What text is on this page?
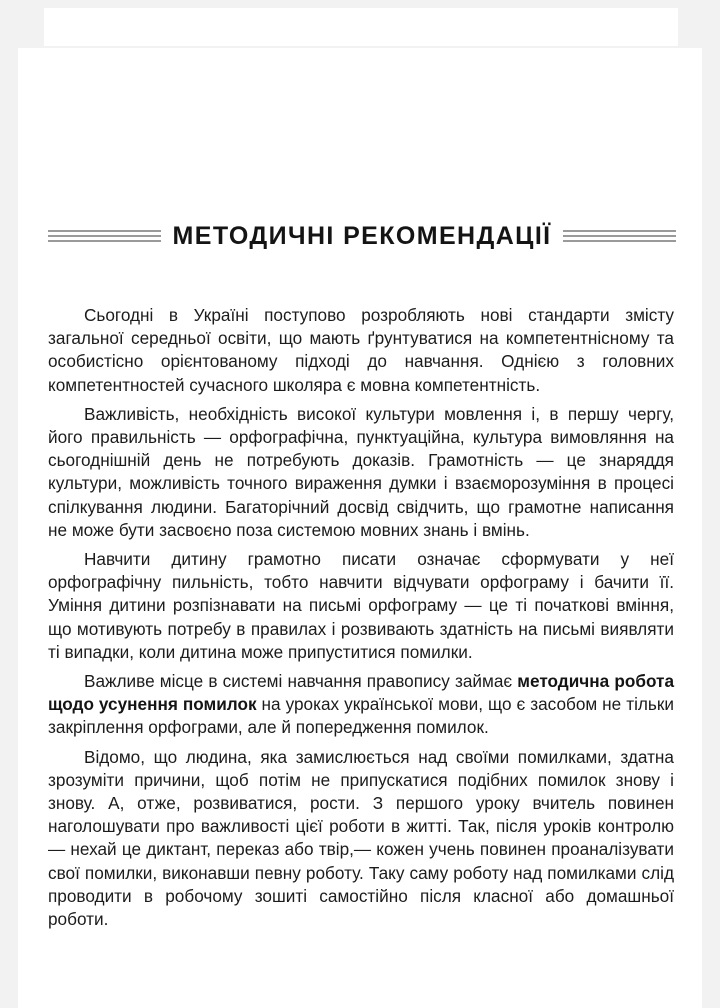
МЕТОДИЧНІ РЕКОМЕНДАЦІЇ

Сьогодні в Україні поступово розробляють нові стандарти змісту загальної середньої освіти, що мають ґрунтуватися на компетентнісному та особистісно орієнтованому підході до навчання. Однією з головних компетентностей сучасного школяра є мовна компетентність.

Важливість, необхідність високої культури мовлення і, в першу чергу, його правильність — орфографічна, пунктуаційна, культура вимовляння на сьогоднішній день не потребують доказів. Грамотність — це знаряддя культури, можливість точного вираження думки і взаєморозуміння в процесі спілкування людини. Багаторічний досвід свідчить, що грамотне написання не може бути засвоєно поза системою мовних знань і вмінь.

Навчити дитину грамотно писати означає сформувати у неї орфографічну пильність, тобто навчити відчувати орфограму і бачити її. Уміння дитини розпізнавати на письмі орфограму — це ті початкові вміння, що мотивують потребу в правилах і розвивають здатність на письмі виявляти ті випадки, коли дитина може припуститися помилки.

Важливе місце в системі навчання правопису займає методична робота щодо усунення помилок на уроках української мови, що є засобом не тільки закріплення орфограми, але й попередження помилок.

Відомо, що людина, яка замислюється над своїми помилками, здатна зрозуміти причини, щоб потім не припускатися подібних помилок знову і знову. А, отже, розвиватися, рости. З першого уроку вчитель повинен наголошувати про важливості цієї роботи в житті. Так, після уроків контролю — нехай це диктант, переказ або твір,— кожен учень повинен проаналізувати свої помилки, виконавши певну роботу. Таку саму роботу над помилками слід проводити в робочому зошиті самостійно після класної або домашньої роботи.
